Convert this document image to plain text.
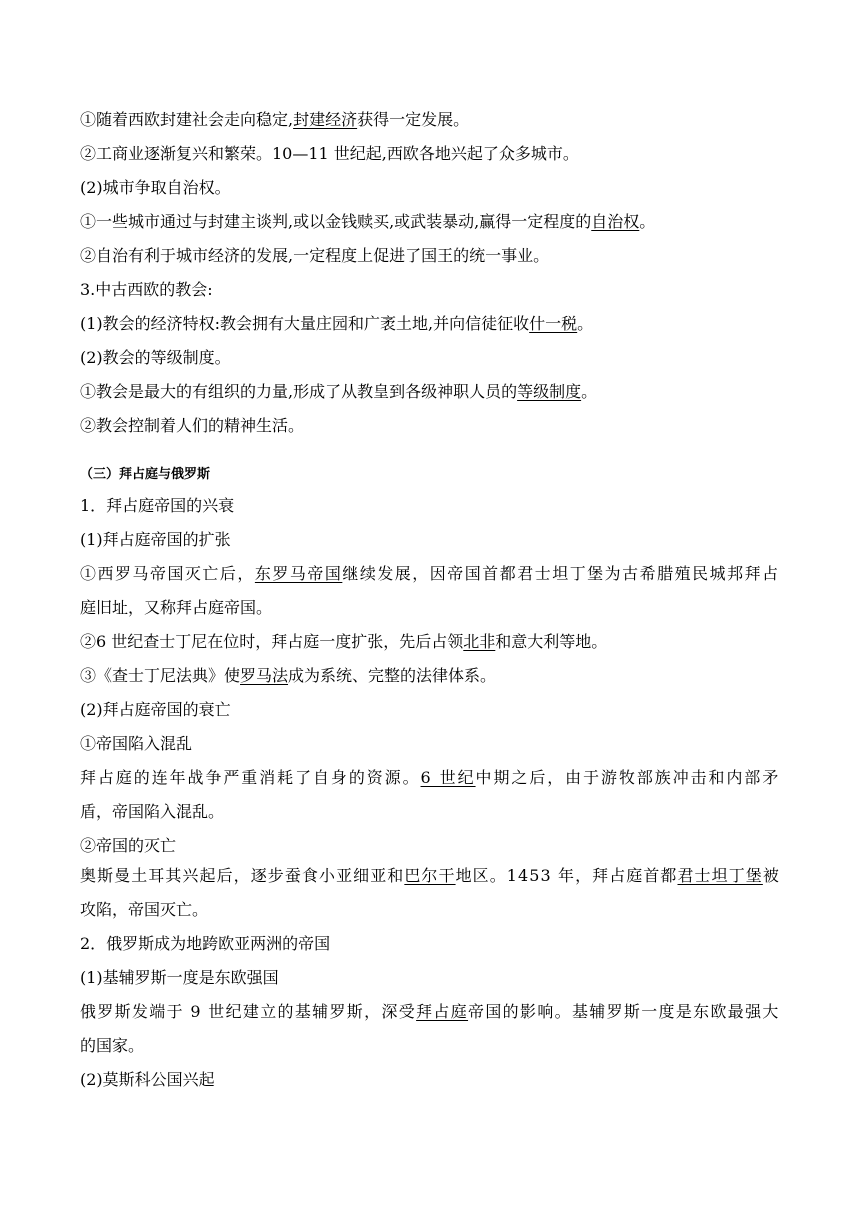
①随着西欧封建社会走向稳定,封建经济获得一定发展。
②工商业逐渐复兴和繁荣。10—11 世纪起,西欧各地兴起了众多城市。
(2)城市争取自治权。
①一些城市通过与封建主谈判,或以金钱赎买,或武装暴动,赢得一定程度的自治权。
②自治有利于城市经济的发展,一定程度上促进了国王的统一事业。
3.中古西欧的教会:
(1)教会的经济特权:教会拥有大量庄园和广袤土地,并向信徒征收什一税。
(2)教会的等级制度。
①教会是最大的有组织的力量,形成了从教皇到各级神职人员的等级制度。
②教会控制着人们的精神生活。
（三）拜占庭与俄罗斯
1．拜占庭帝国的兴衰
(1)拜占庭帝国的扩张
①西罗马帝国灭亡后，东罗马帝国继续发展，因帝国首都君士坦丁堡为古希腊殖民城邦拜占
庭旧址，又称拜占庭帝国。
②6 世纪查士丁尼在位时，拜占庭一度扩张，先后占领北非和意大利等地。
③《查士丁尼法典》使罗马法成为系统、完整的法律体系。
(2)拜占庭帝国的衰亡
①帝国陷入混乱
拜占庭的连年战争严重消耗了自身的资源。6 世纪中期之后，由于游牧部族冲击和内部矛
盾，帝国陷入混乱。
②帝国的灭亡
奥斯曼土耳其兴起后，逐步蚕食小亚细亚和巴尔干地区。1453 年，拜占庭首都君士坦丁堡被
攻陷，帝国灭亡。
2．俄罗斯成为地跨欧亚两洲的帝国
(1)基辅罗斯一度是东欧强国
俄罗斯发端于 9 世纪建立的基辅罗斯，深受拜占庭帝国的影响。基辅罗斯一度是东欧最强大
的国家。
(2)莫斯科公国兴起
